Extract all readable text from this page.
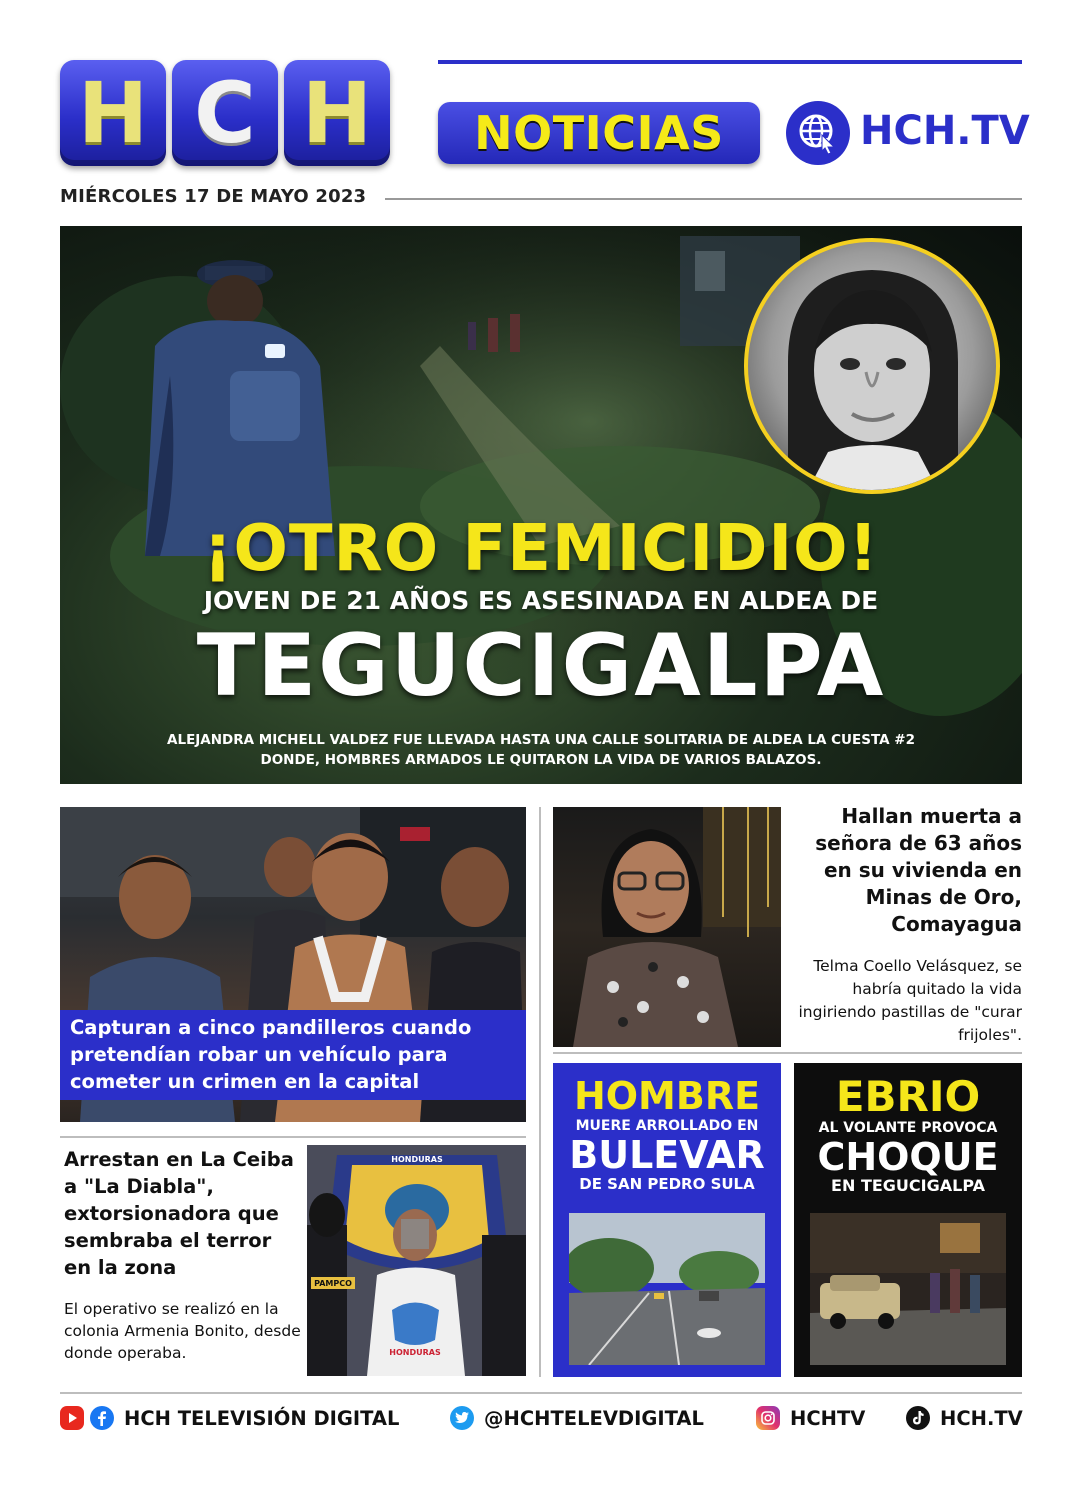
H C H	NOTICIAS	HCH.TV
MIÉRCOLES 17 DE MAYO 2023
¡OTRO FEMICIDIO!
JOVEN DE 21 AÑOS ES ASESINADA EN ALDEA DE
TEGUCIGALPA
ALEJANDRA MICHELL VALDEZ FUE LLEVADA HASTA UNA CALLE SOLITARIA DE ALDEA LA CUESTA #2 DONDE, HOMBRES ARMADOS LE QUITARON LA VIDA DE VARIOS BALAZOS.
Capturan a cinco pandilleros cuando pretendían robar un vehículo para cometer un crimen en la capital
Hallan muerta a señora de 63 años en su vivienda en Minas de Oro, Comayagua
Telma Coello Velásquez, se habría quitado la vida ingiriendo pastillas de "curar frijoles".
HOMBRE
MUERE ARROLLADO EN
BULEVAR
DE SAN PEDRO SULA
EBRIO
AL VOLANTE PROVOCA
CHOQUE
EN TEGUCIGALPA
Arrestan en La Ceiba a "La Diabla", extorsionadora que sembraba el terror en la zona
El operativo se realizó en la colonia Armenia Bonito, desde donde operaba.	HONDURAS
HONDURAS
PAMPCO
HCH TELEVISIÓN DIGITAL	@HCHTELEVDIGITAL	HCHTV	HCH.TV
